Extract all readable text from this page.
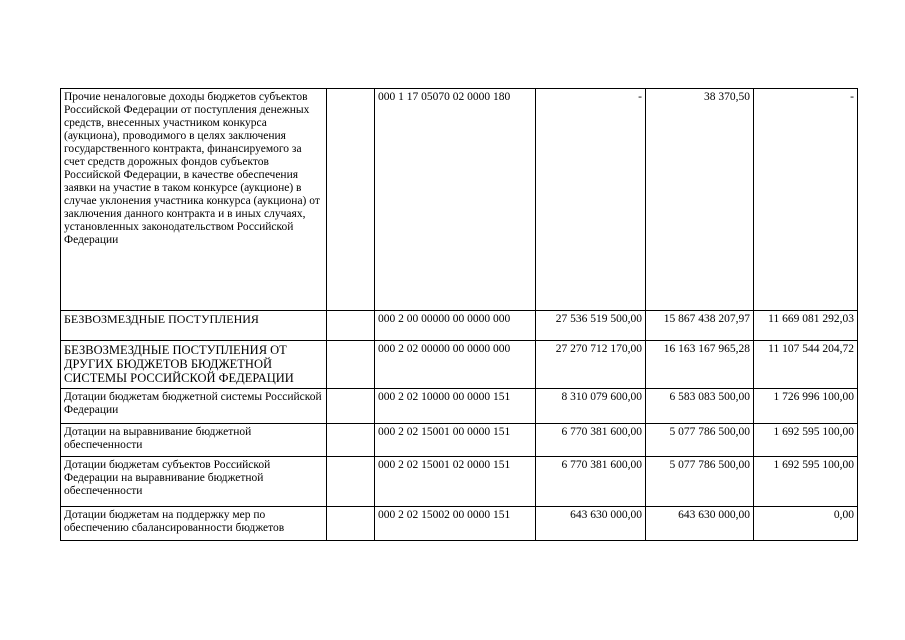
Прочие неналоговые доходы бюджетов субъектов Российской Федерации от поступления денежных средств, внесенных участником конкурса (аукциона), проводимого в целях заключения государственного контракта, финансируемого за счет средств дорожных фондов субъектов Российской Федерации, в качестве обеспечения заявки на участие в таком конкурсе (аукционе) в случае уклонения участника конкурса (аукциона) от заключения данного контракта и в иных случаях, установленных законодательством Российской Федерации		000 1 17 05070 02 0000 180	-	38 370,50	-
БЕЗВОЗМЕЗДНЫЕ ПОСТУПЛЕНИЯ		000 2 00 00000 00 0000 000	27 536 519 500,00	15 867 438 207,97	11 669 081 292,03
БЕЗВОЗМЕЗДНЫЕ ПОСТУПЛЕНИЯ ОТ ДРУГИХ БЮДЖЕТОВ БЮДЖЕТНОЙ СИСТЕМЫ РОССИЙСКОЙ ФЕДЕРАЦИИ		000 2 02 00000 00 0000 000	27 270 712 170,00	16 163 167 965,28	11 107 544 204,72
Дотации бюджетам бюджетной системы Российской Федерации		000 2 02 10000 00 0000 151	8 310 079 600,00	6 583 083 500,00	1 726 996 100,00
Дотации на выравнивание бюджетной обеспеченности		000 2 02 15001 00 0000 151	6 770 381 600,00	5 077 786 500,00	1 692 595 100,00
Дотации бюджетам субъектов Российской Федерации на выравнивание бюджетной обеспеченности		000 2 02 15001 02 0000 151	6 770 381 600,00	5 077 786 500,00	1 692 595 100,00
Дотации бюджетам на поддержку мер по обеспечению сбалансированности бюджетов		000 2 02 15002 00 0000 151	643 630 000,00	643 630 000,00	0,00
